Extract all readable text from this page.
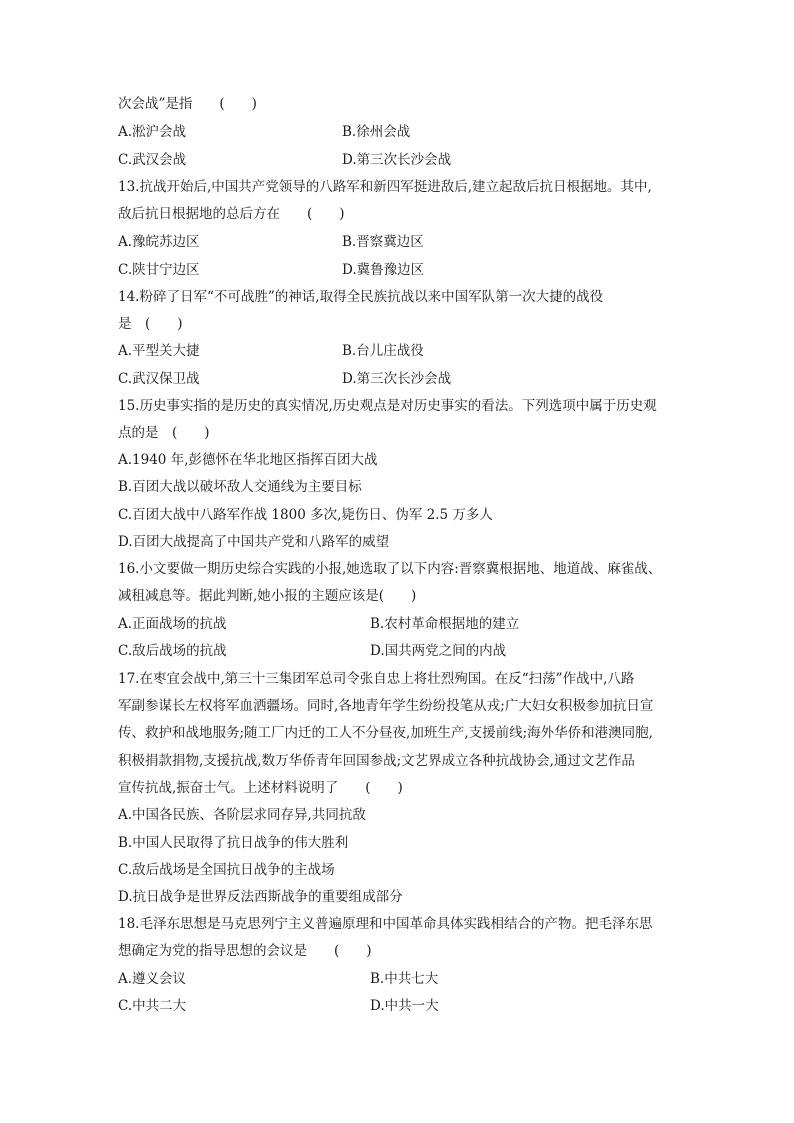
次会战”是指　　(　　)
A.淞沪会战	B.徐州会战
C.武汉会战	D.第三次长沙会战
13.抗战开始后,中国共产党领导的八路军和新四军挺进敌后,建立起敌后抗日根据地。其中,
敌后抗日根据地的总后方在　　(　　)
A.豫皖苏边区	B.晋察冀边区
C.陕甘宁边区	D.冀鲁豫边区
14.粉碎了日军“不可战胜”的神话,取得全民族抗战以来中国军队第一次大捷的战役
是　(　　)
A.平型关大捷	B.台儿庄战役
C.武汉保卫战	D.第三次长沙会战
15.历史事实指的是历史的真实情况,历史观点是对历史事实的看法。下列选项中属于历史观
点的是　(　　)
A.1940 年,彭德怀在华北地区指挥百团大战
B.百团大战以破坏敌人交通线为主要目标
C.百团大战中八路军作战 1800 多次,毙伤日、伪军 2.5 万多人
D.百团大战提高了中国共产党和八路军的威望
16.小文要做一期历史综合实践的小报,她选取了以下内容:晋察冀根据地、地道战、麻雀战、
减租减息等。据此判断,她小报的主题应该是(　　)
A.正面战场的抗战	B.农村革命根据地的建立
C.敌后战场的抗战	D.国共两党之间的内战
17.在枣宜会战中,第三十三集团军总司令张自忠上将壮烈殉国。在反“扫荡”作战中,八路
军副参谋长左权将军血洒疆场。同时,各地青年学生纷纷投笔从戎;广大妇女积极参加抗日宣
传、救护和战地服务;随工厂内迁的工人不分昼夜,加班生产,支援前线;海外华侨和港澳同胞,
积极捐款捐物,支援抗战,数万华侨青年回国参战;文艺界成立各种抗战协会,通过文艺作品
宣传抗战,振奋士气。上述材料说明了　　(　　)
A.中国各民族、各阶层求同存异,共同抗敌
B.中国人民取得了抗日战争的伟大胜利
C.敌后战场是全国抗日战争的主战场
D.抗日战争是世界反法西斯战争的重要组成部分
18.毛泽东思想是马克思列宁主义普遍原理和中国革命具体实践相结合的产物。把毛泽东思
想确定为党的指导思想的会议是　　(　　)
A.遵义会议	B.中共七大
C.中共二大	D.中共一大
